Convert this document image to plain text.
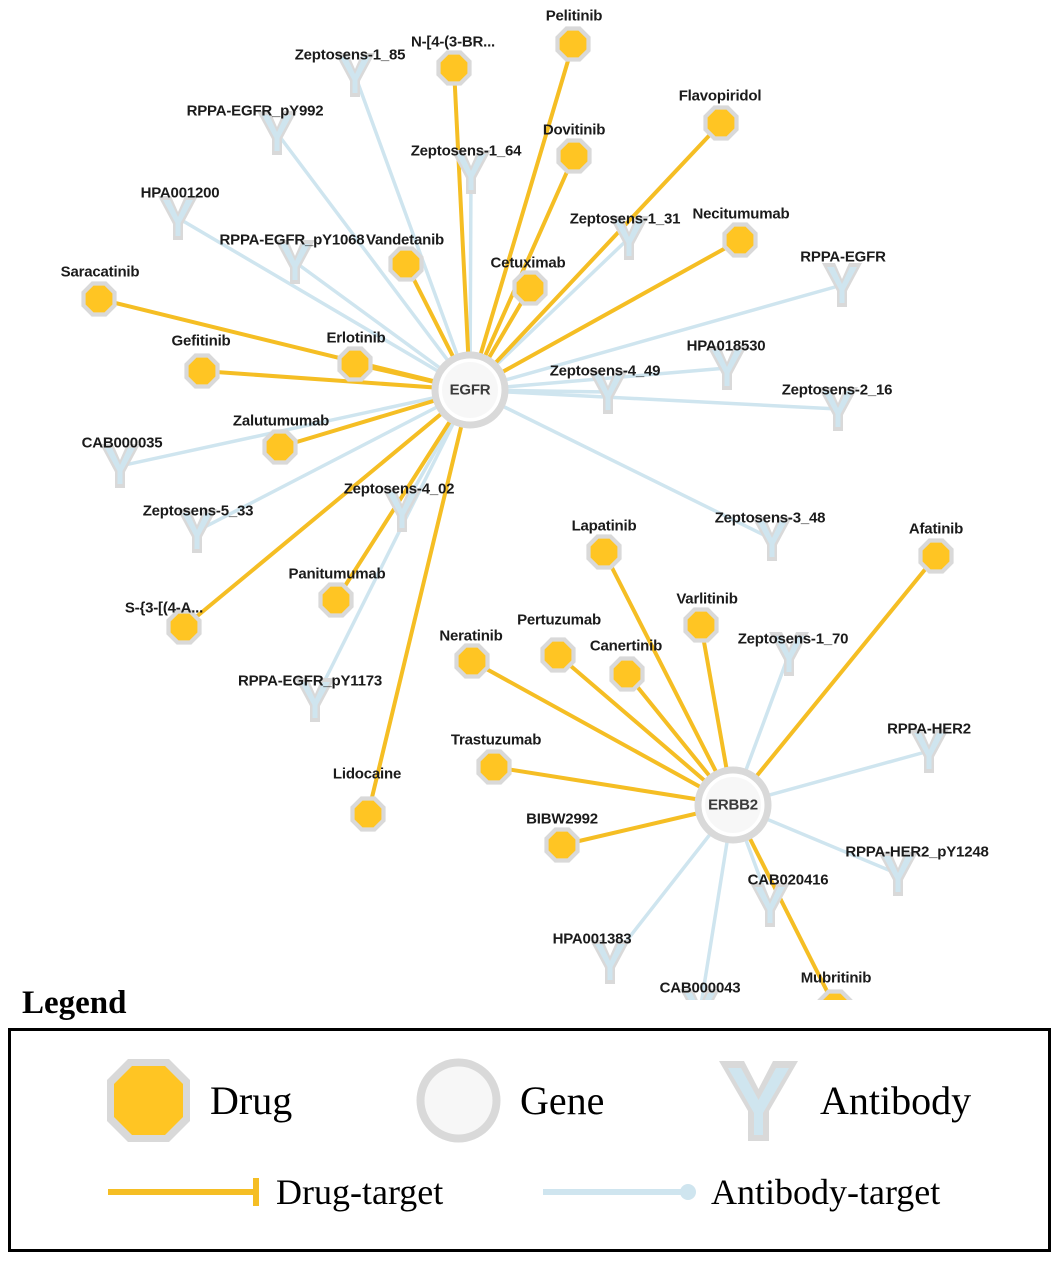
Pelitinib
N-[4-(3-BR...
Flavopiridol
Dovitinib
Necitumumab
Vandetanib
Cetuximab
Saracatinib
Erlotinib
Gefitinib
Zalutumumab
Lapatinib	Afatinib
Panitumumab
S-{3-[(4-A...
Varlitinib
Pertuzumab
Neratinib
Canertinib
Trastuzumab
Lidocaine
BIBW2992
Mubritinib
Zeptosens-1_85
RPPA-EGFR_pY992
Zeptosens-1_64
HPA001200
Zeptosens-1_31
RPPA-EGFR_pY1068
RPPA-EGFR
HPA018530
Zeptosens-4_49
Zeptosens-2_16
CAB000035
Zeptosens-4_02
Zeptosens-5_33	Zeptosens-3_48
Zeptosens-1_70
RPPA-EGFR_pY1173
RPPA-HER2
RPPA-HER2_pY1248
CAB020416
HPA001383
CAB000043
EGFR
ERBB2
Legend
Drug	Gene	Antibody
Drug-target	Antibody-target
